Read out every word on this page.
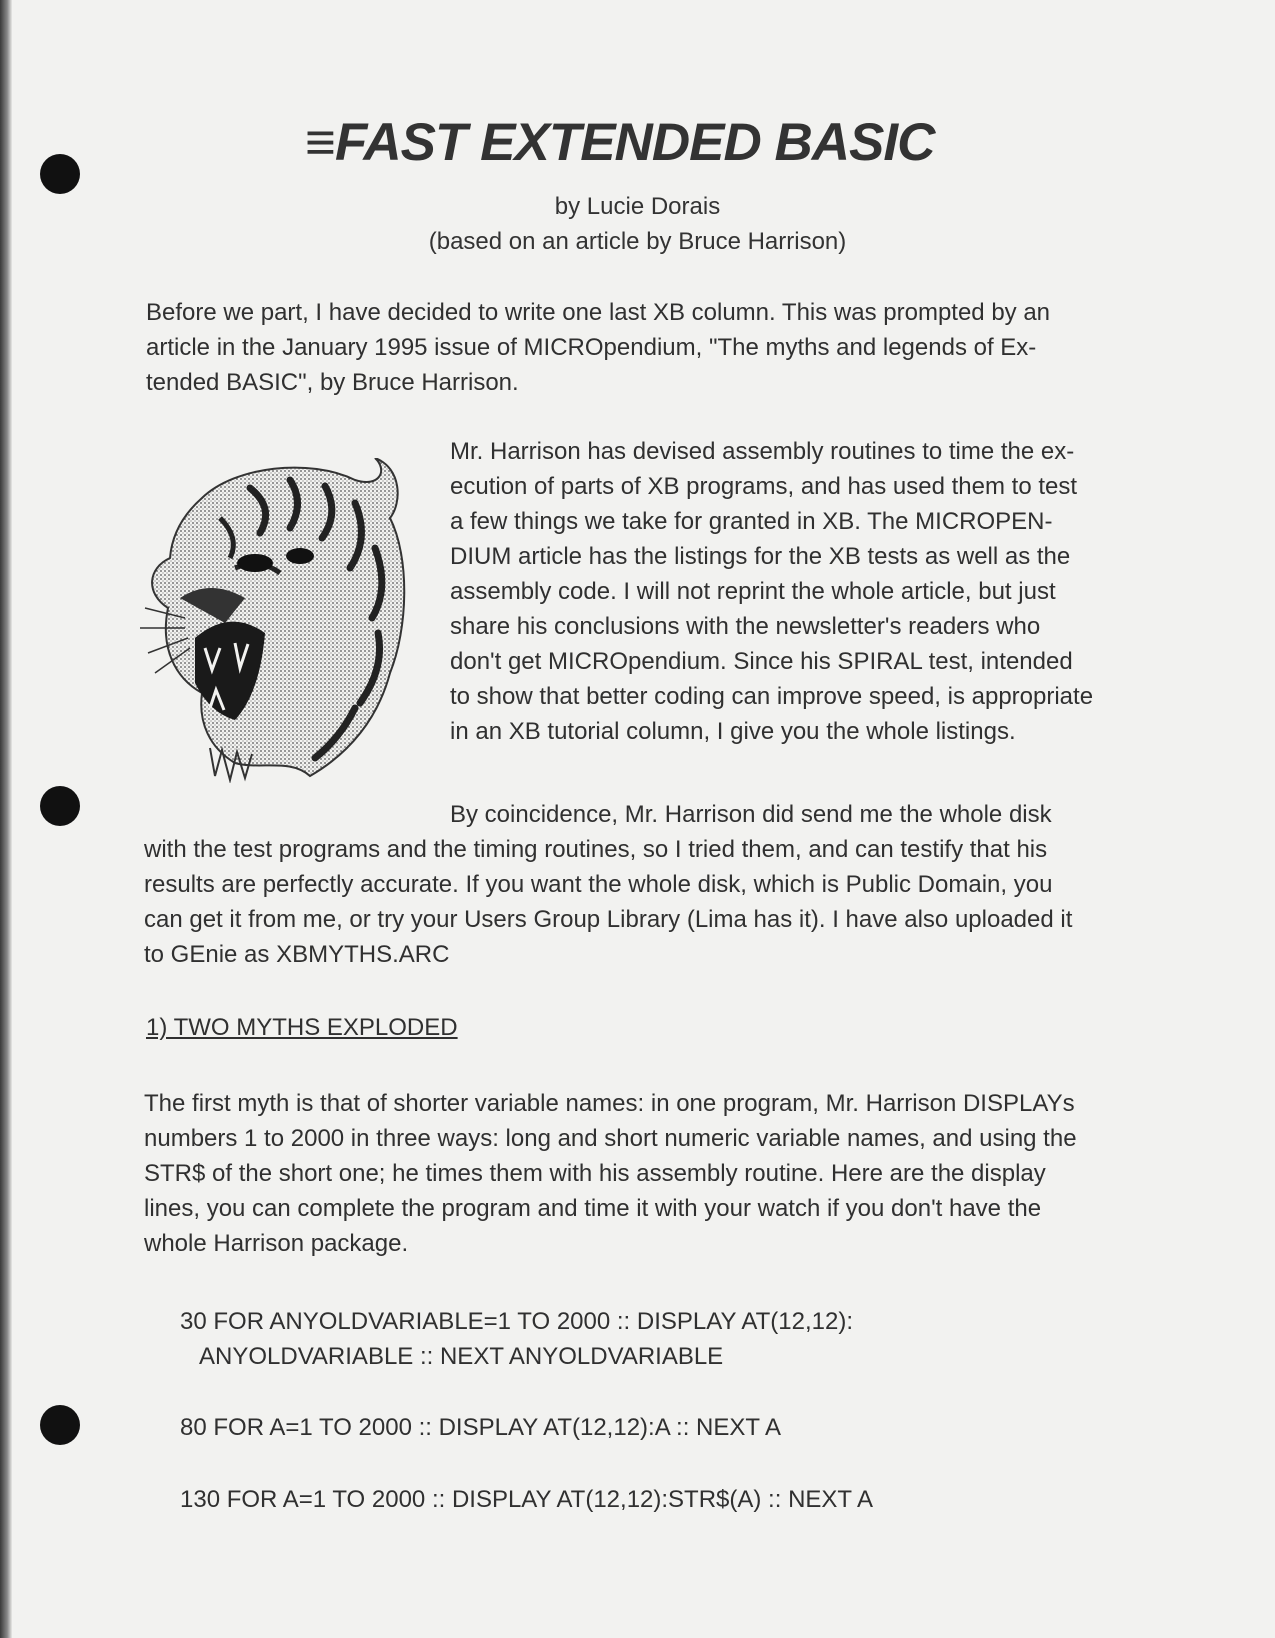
≡FAST EXTENDED BASIC
by Lucie Dorais
(based on an article by Bruce Harrison)
Before we part, I have decided to write one last XB column. This was prompted by an
article in the January 1995 issue of MICROpendium, "The myths and legends of Ex-
tended BASIC", by Bruce Harrison.
Mr. Harrison has devised assembly routines to time the ex-
ecution of parts of XB programs, and has used them to test
a few things we take for granted in XB. The MICROPEN-
DIUM article has the listings for the XB tests as well as the
assembly code. I will not reprint the whole article, but just
share his conclusions with the newsletter's readers who
don't get MICROpendium. Since his SPIRAL test, intended
to show that better coding can improve speed, is appropriate
in an XB tutorial column, I give you the whole listings.
By coincidence, Mr. Harrison did send me the whole disk
with the test programs and the timing routines, so I tried them, and can testify that his
results are perfectly accurate. If you want the whole disk, which is Public Domain, you
can get it from me, or try your Users Group Library (Lima has it). I have also uploaded it
to GEnie as XBMYTHS.ARC
1) TWO MYTHS EXPLODED
The first myth is that of shorter variable names: in one program, Mr. Harrison DISPLAYs
numbers 1 to 2000 in three ways: long and short numeric variable names, and using the
STR$ of the short one; he times them with his assembly routine. Here are the display
lines, you can complete the program and time it with your watch if you don't have the
whole Harrison package.
30 FOR ANYOLDVARIABLE=1 TO 2000 :: DISPLAY AT(12,12):
ANYOLDVARIABLE :: NEXT ANYOLDVARIABLE
80 FOR A=1 TO 2000 :: DISPLAY AT(12,12):A :: NEXT A
130 FOR A=1 TO 2000 :: DISPLAY AT(12,12):STR$(A) :: NEXT A
